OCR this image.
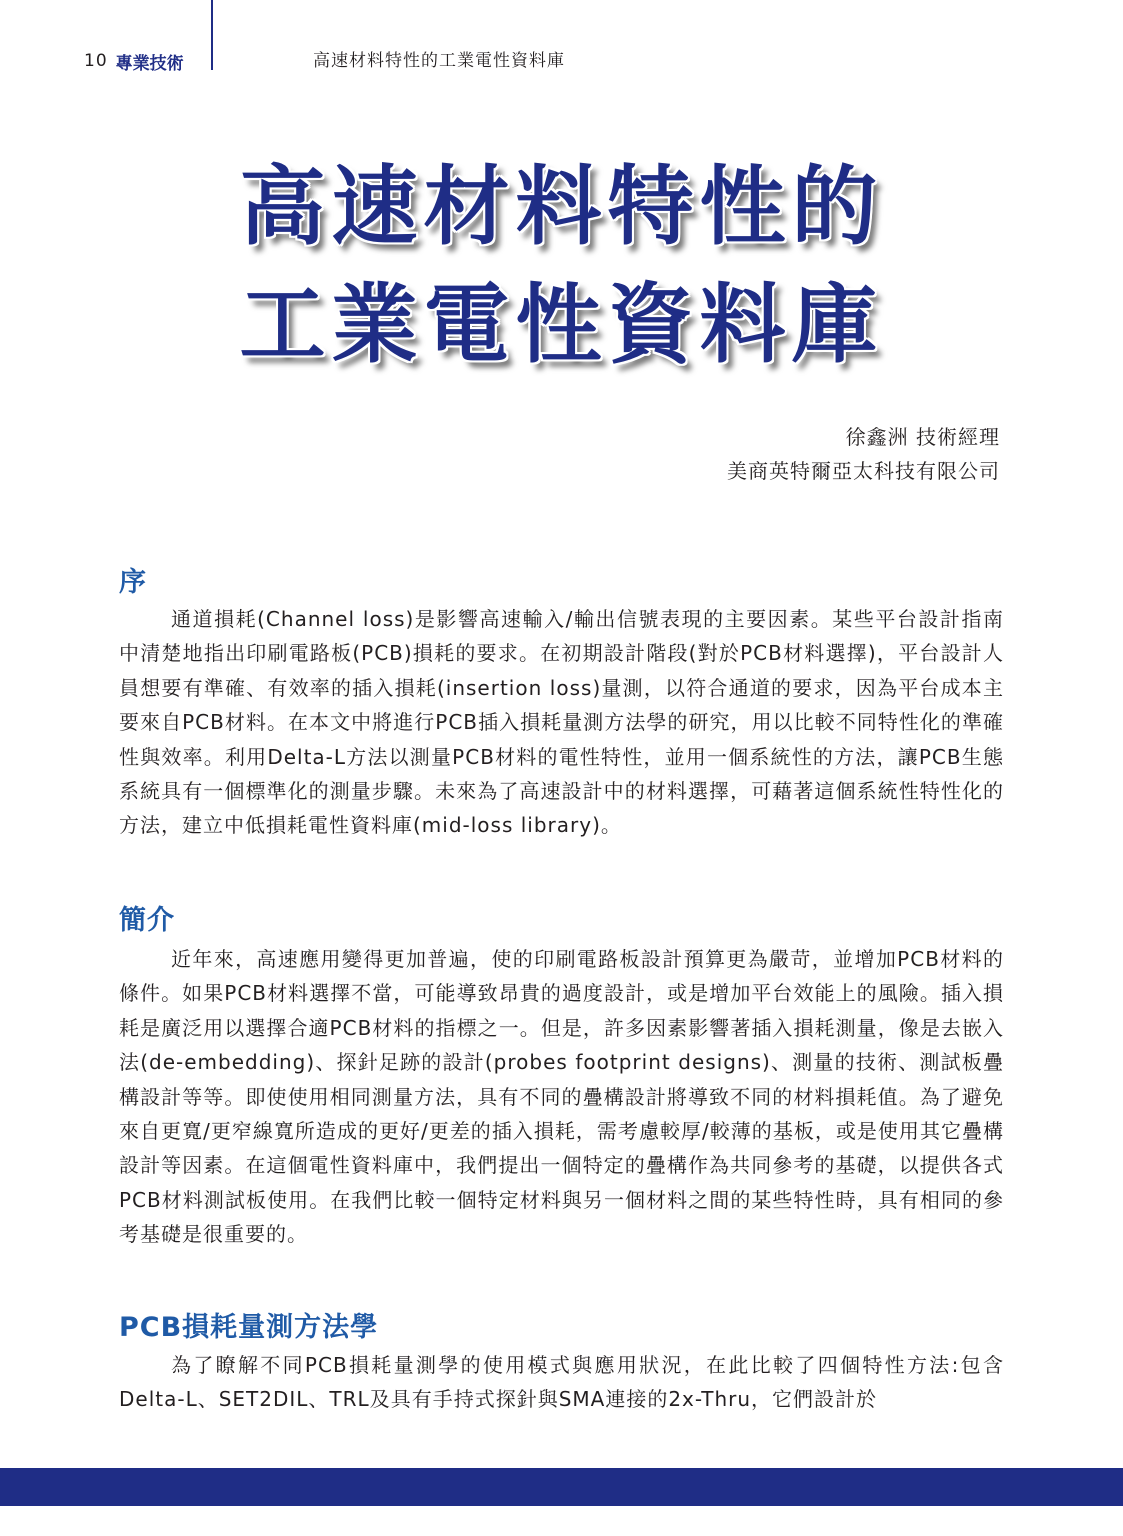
10 專業技術	高速材料特性的工業電性資料庫
高速材料特性的
工業電性資料庫
徐鑫洲 技術經理
美商英特爾亞太科技有限公司
序
通道損耗(Channel loss)是影響高速輸入/輸出信號表現的主要因素。某些平台設計指南中清楚地指出印刷電路板(PCB)損耗的要求。在初期設計階段(對於PCB材料選擇)，平台設計人員想要有準確、有效率的插入損耗(insertion loss)量測，以符合通道的要求，因為平台成本主要來自PCB材料。在本文中將進行PCB插入損耗量測方法學的研究，用以比較不同特性化的準確性與效率。利用Delta-L方法以測量PCB材料的電性特性，並用一個系統性的方法，讓PCB生態系統具有一個標準化的測量步驟。未來為了高速設計中的材料選擇，可藉著這個系統性特性化的方法，建立中低損耗電性資料庫(mid-loss library)。
簡介
近年來，高速應用變得更加普遍，使的印刷電路板設計預算更為嚴苛，並增加PCB材料的條件。如果PCB材料選擇不當，可能導致昂貴的過度設計，或是增加平台效能上的風險。插入損耗是廣泛用以選擇合適PCB材料的指標之一。但是，許多因素影響著插入損耗測量，像是去嵌入法(de-embedding)、探針足跡的設計(probes footprint designs)、測量的技術、測試板疊構設計等等。即使使用相同測量方法，具有不同的疊構設計將導致不同的材料損耗值。為了避免來自更寬/更窄線寬所造成的更好/更差的插入損耗，需考慮較厚/較薄的基板，或是使用其它疊構設計等因素。在這個電性資料庫中，我們提出一個特定的疊構作為共同參考的基礎，以提供各式PCB材料測試板使用。在我們比較一個特定材料與另一個材料之間的某些特性時，具有相同的參考基礎是很重要的。
PCB損耗量測方法學
為了瞭解不同PCB損耗量測學的使用模式與應用狀況，在此比較了四個特性方法:包含Delta-L、SET2DIL、TRL及具有手持式探針與SMA連接的2x-Thru，它們設計於
